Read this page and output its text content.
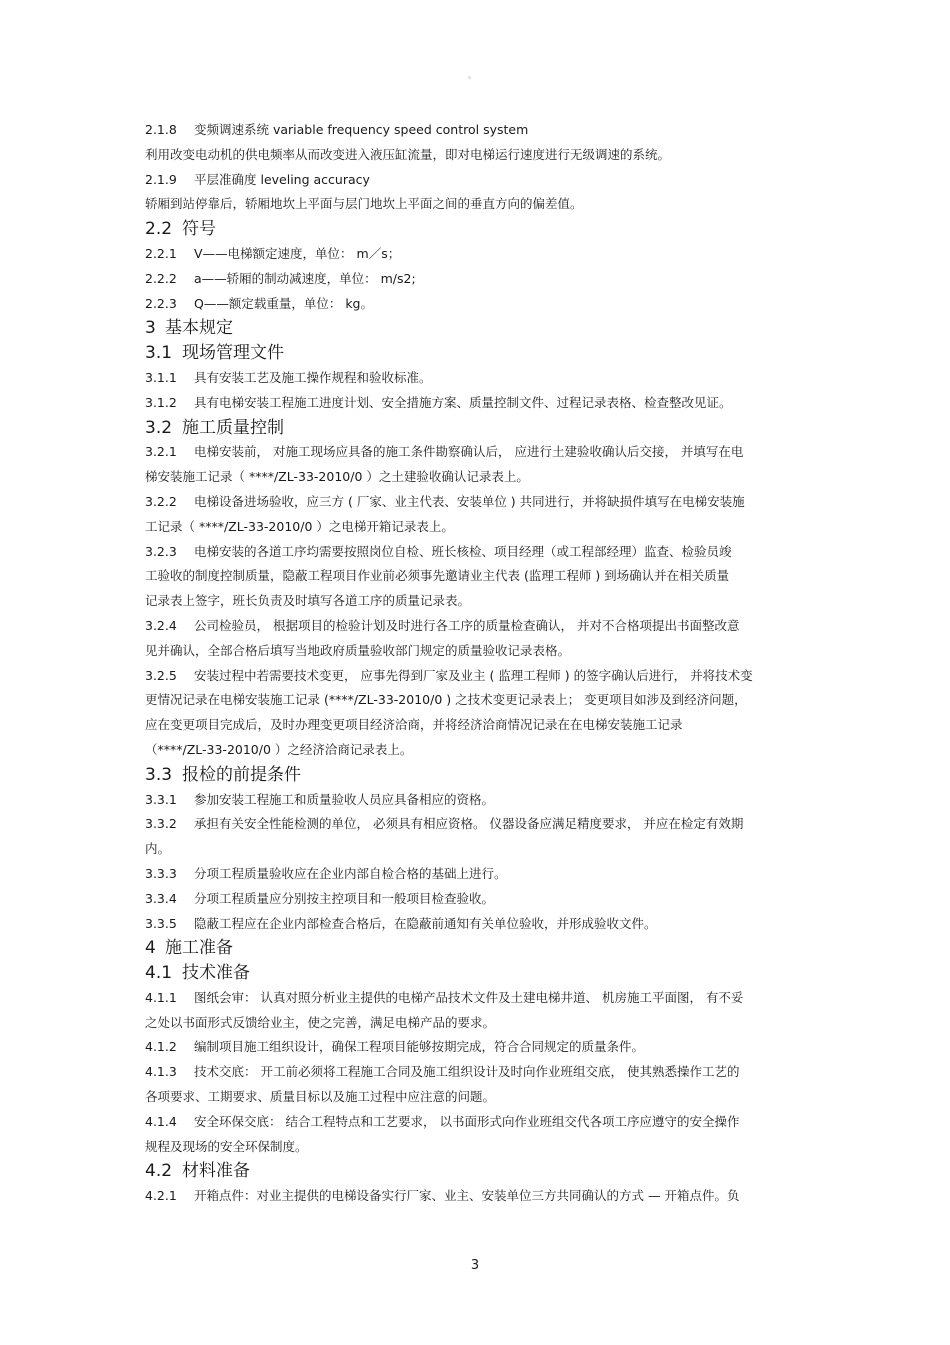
。
2.1.8 变频调速系统 variable frequency speed control system
利用改变电动机的供电频率从而改变进入液压缸流量，即对电梯运行速度进行无级调速的系统。
2.1.9 平层准确度 leveling accuracy
轿厢到站停靠后，轿厢地坎上平面与层门地坎上平面之间的垂直方向的偏差值。
2.2 符号
2.2.1 V——电梯额定速度，单位： m／s；
2.2.2 a——轿厢的制动减速度，单位： m/s2;
2.2.3 Q——额定载重量，单位： kg。
3 基本规定
3.1 现场管理文件
3.1.1 具有安装工艺及施工操作规程和验收标准。
3.1.2 具有电梯安装工程施工进度计划、安全措施方案、质量控制文件、过程记录表格、检查整改见证。
3.2 施工质量控制
3.2.1 电梯安装前， 对施工现场应具备的施工条件勘察确认后， 应进行土建验收确认后交接， 并填写在电
梯安装施工记录（ ****/ZL-33-2010/0 ）之土建验收确认记录表上。
3.2.2 电梯设备进场验收，应三方 ( 厂家、业主代表、安装单位 ) 共同进行，并将缺损件填写在电梯安装施
工记录（ ****/ZL-33-2010/0 ）之电梯开箱记录表上。
3.2.3 电梯安装的各道工序均需要按照岗位自检、班长核检、项目经理（或工程部经理）监查、检验员竣
工验收的制度控制质量，隐蔽工程项目作业前必须事先邀请业主代表 (监理工程师 ) 到场确认并在相关质量
记录表上签字，班长负责及时填写各道工序的质量记录表。
3.2.4 公司检验员， 根据项目的检验计划及时进行各工序的质量检查确认， 并对不合格项提出书面整改意
见并确认，全部合格后填写当地政府质量验收部门规定的质量验收记录表格。
3.2.5 安装过程中若需要技术变更， 应事先得到厂家及业主 ( 监理工程师 ) 的签字确认后进行， 并将技术变
更情况记录在电梯安装施工记录 (****/ZL-33-2010/0 ) 之技术变更记录表上； 变更项目如涉及到经济问题，
应在变更项目完成后，及时办理变更项目经济洽商，并将经济洽商情况记录在在电梯安装施工记录
（****/ZL-33-2010/0 ）之经济洽商记录表上。
3.3 报检的前提条件
3.3.1 参加安装工程施工和质量验收人员应具备相应的资格。
3.3.2 承担有关安全性能检测的单位， 必须具有相应资格。 仪器设备应满足精度要求， 并应在检定有效期
内。
3.3.3 分项工程质量验收应在企业内部自检合格的基础上进行。
3.3.4 分项工程质量应分别按主控项目和一般项目检查验收。
3.3.5 隐蔽工程应在企业内部检查合格后，在隐蔽前通知有关单位验收，并形成验收文件。
4 施工准备
4.1 技术准备
4.1.1 图纸会审： 认真对照分析业主提供的电梯产品技术文件及土建电梯井道、 机房施工平面图， 有不妥
之处以书面形式反馈给业主，使之完善，满足电梯产品的要求。
4.1.2 编制项目施工组织设计，确保工程项目能够按期完成，符合合同规定的质量条件。
4.1.3 技术交底： 开工前必须将工程施工合同及施工组织设计及时向作业班组交底， 使其熟悉操作工艺的
各项要求、工期要求、质量目标以及施工过程中应注意的问题。
4.1.4 安全环保交底： 结合工程特点和工艺要求， 以书面形式向作业班组交代各项工序应遵守的安全操作
规程及现场的安全环保制度。
4.2 材料准备
4.2.1 开箱点件：对业主提供的电梯设备实行厂家、业主、安装单位三方共同确认的方式 — 开箱点件。负
3
